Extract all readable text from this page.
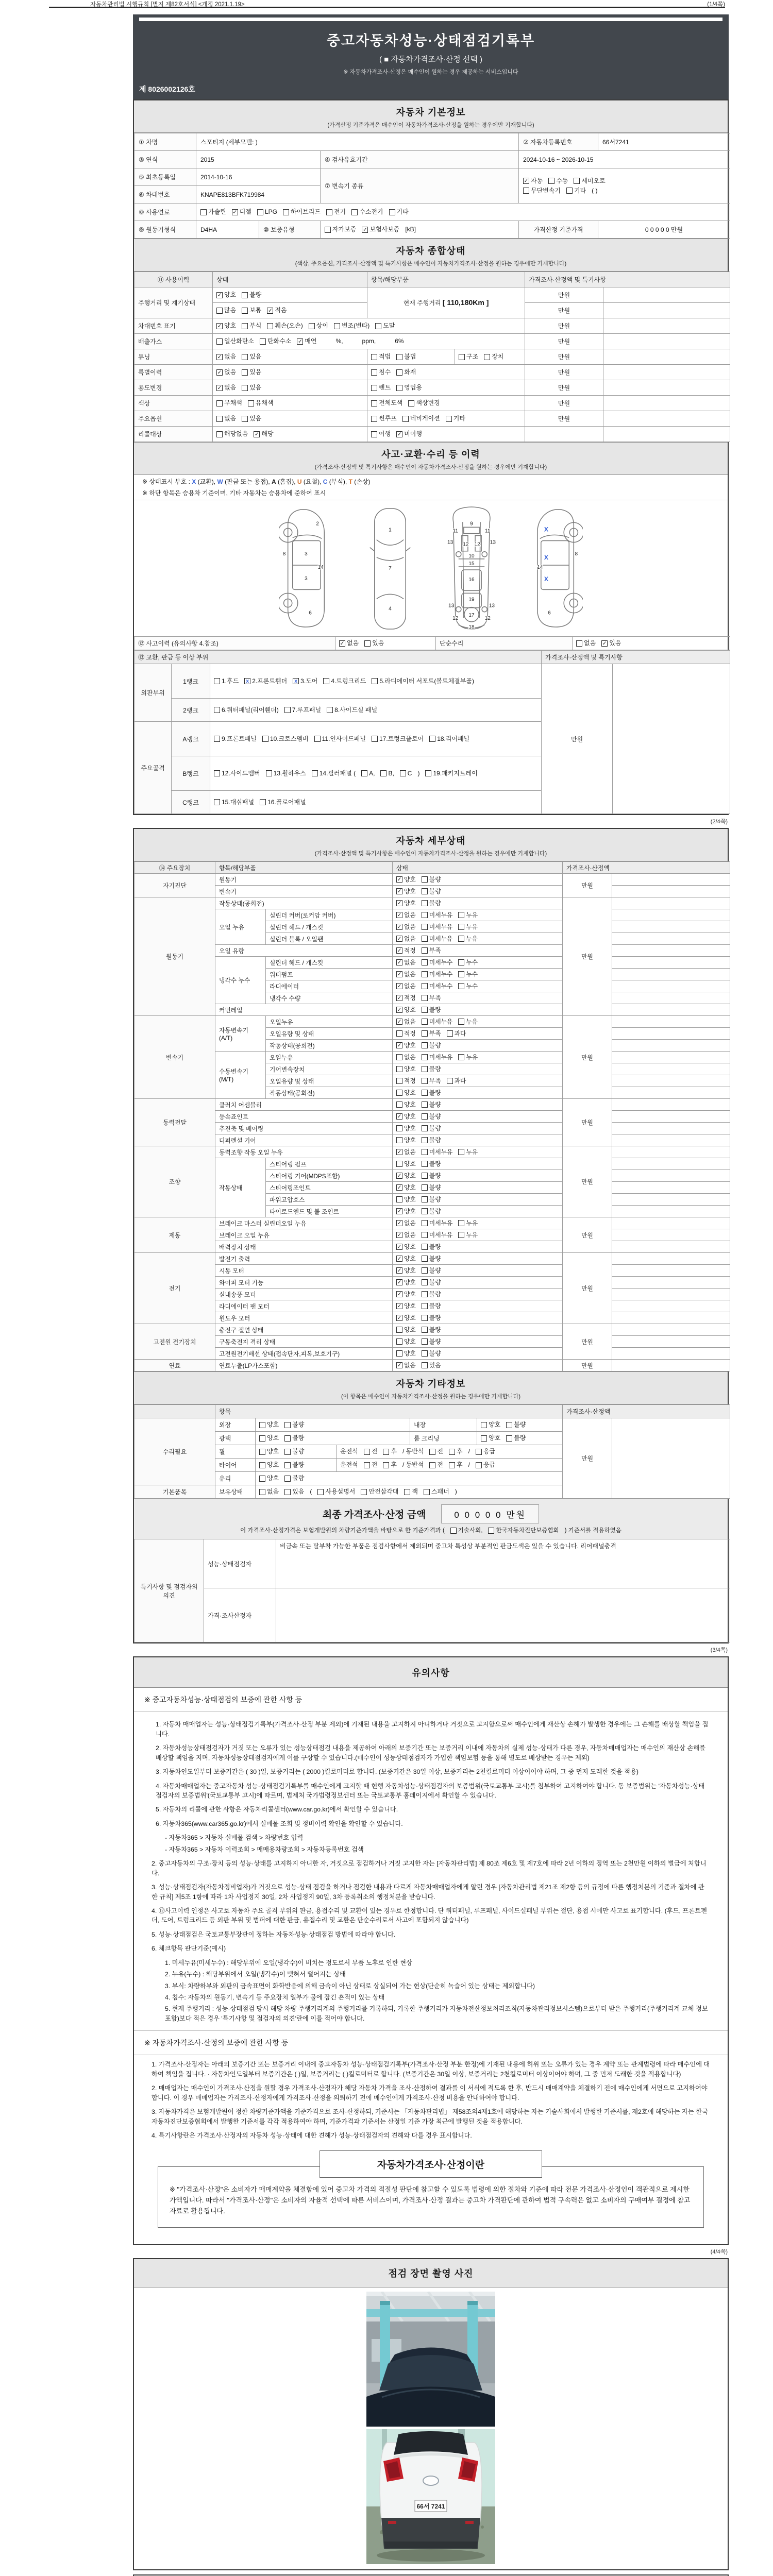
자동차관리법 시행규칙 [별지 제82호서식] <개정 2021.1.19>	(1/4쪽)
중고자동차성능·상태점검기록부
( ■ 자동차가격조사·산정 선택 )
※ 자동차가격조사·산정은 매수인이 원하는 경우 제공하는 서비스입니다
제 8026002126호
자동차 기본정보
(가격산정 기준가격은 매수인이 자동차가격조사·산정을 원하는 경우에만 기재합니다)
① 차명	스포티지 (세부모델: )			② 자동차등록번호	66서7241
③ 연식	2015		④ 검사유효기간	2024-10-16 ~ 2026-10-15	
⑤ 최초등록일	2014-10-16	⑦ 변속기 종류	
✓ 자동 수동 세미오토
무단변속기 기타 ( )

⑥ 차대번호	KNAPE813BFK719984				
⑧ 사용연료	가솔린 ✓ 디젤 LPG 하이브리드 전기 수소전기 기타

⑨ 원동기형식	D4HA	⑩ 보증유형	자가보증 ✓ 보험사보증 [kB]	가격산정 기준가격	0 0 0 0 0 만원
자동차 종합상태
(색상, 주요옵션, 가격조사·산정액 및 특기사항은 매수인이 자동차가격조사·산정을 원하는 경우에만 기재합니다)
⑪ 사용이력	상태	항목/해당부품		가격조사·산정액 및 특기사항	
주행거리 및 계기상태	✓ 양호 불량	현재 주행거리 [ 110,180Km ]		만원	

	많음 보통 ✓ 적음			만원	
차대번호 표기	✓ 양호 부식 훼손(오손) 상이 변조(변타) 도말	만원	
배출가스	일산화탄소 탄화수소 ✓ 매연	%,	ppm,	6%	만원	
튜닝	✓ 없음 있음	적법 불법	구조 장치	만원	
특별이력	✓ 없음 있음	침수 화재		만원	
용도변경	✓ 없음 있음	렌트 영업용		만원	
색상	무채색 유채색	전체도색 색상변경		만원	
주요옵션	없음 있음	썬루프 네비게이션 기타		만원	
리콜대상	해당없음 ✓ 해당	이행 ✓ 미이행			

사고·교환·수리 등 이력
(가격조사·산정액 및 특기사항은 매수인이 자동차가격조사·산정을 원하는 경우에만 기재합니다)
※ 상태표시 부호 : X (교환), W (판금 또는 용접), A (흠집), U (요철), C (부식), T (손상)
※ 하단 항목은 승용차 기준이며, 기타 자동차는 승용차에 준하여 표시
2
8	3
14
3
6
1
7
4
9
11	11
13	13
12 12
10
15
16
19
13	13
12	12
17
18
8
14
6
X
X
X
⑫ 사고이력 (유의사항 4.참조)	✓ 없음 있음	단순수리	없음 ✓ 있음
⑬ 교환, 판금 등 이상 부위			가격조사·산정액 및 특기사항	
외판부위	1랭크	1.후드 x 2.프론트휀더 x 3.도어 4.트렁크리드 5.라디에이터 서포트(볼트체결부품)
	만원	
	2랭크	6.쿼터패널(리어휀더) 7.루프패널 8.사이드실 패널		

주요골격	A랭크	9.프론트패널 10.크로스멤버 11.인사이드패널 17.트렁크플로어 18.리어패널		

B랭크	12.사이드멤버 13.휠하우스 14.필러패널 ( A, B, C ) 19.패키지트레이

	C랭크	15.대쉬패널 16.플로어패널		
(2/4쪽)
자동차 세부상태
(가격조사·산정액 및 특기사항은 매수인이 자동차가격조사·산정을 원하는 경우에만 기재합니다)
⑭ 주요장치	항목/해당부품		상태	가격조사·산정액	
자기진단	원동기		✓ 양호 불량	만원	
	변속기		✓ 양호 불량		

원동기	작동상태(공회전)		✓ 양호 불량	만원	
	오일 누유	실린더 커버(로커암 커버)	✓ 없음 미세누유 누유		

		실린더 헤드 / 개스킷	✓ 없음 미세누유 누유		

		실린더 블록 / 오일팬	✓ 없음 미세누유 누유		

	오일 유량		✓ 적정 부족		

	냉각수 누수	실린더 헤드 / 개스킷	✓ 없음 미세누수 누수		

		워터펌프	✓ 없음 미세누수 누수		

		라디에이터	✓ 없음 미세누수 누수		

		냉각수 수량	✓ 적정 부족		

	커먼레일		✓ 양호 불량		

변속기	자동변속기 (A/T)	오일누유	✓ 없음 미세누유 누유	만원	
		오일유량 및 상태	적정 부족 과다		

		작동상태(공회전)	✓ 양호 불량		

	수동변속기 (M/T)	오일누유	없음 미세누유 누유		

		기어변속장치	양호 불량		

		오일유량 및 상태	적정 부족 과다		

		작동상태(공회전)	양호 불량		

동력전달	클러치 어셈블리		양호 불량	만원	
	등속죠인트		✓ 양호 불량		

	추진축 및 베어링		양호 불량		

	디퍼렌셜 기어		양호 불량		

조향	동력조향 작동 오일 누유		✓ 없음 미세누유 누유	만원	
	작동상태	스티어링 펌프	양호 불량		

		스티어링 기어(MDPS포함)	✓ 양호 불량		

		스티어링조인트	✓ 양호 불량		

		파워고압호스	양호 불량		

		타이로드엔드 및 볼 조인트	✓ 양호 불량		

제동	브레이크 마스터 실린더오일 누유		✓ 없음 미세누유 누유	만원	
	브레이크 오일 누유		✓ 없음 미세누유 누유		

	배력장치 상태		✓ 양호 불량		

전기	발전기 출력		✓ 양호 불량	만원	
	시동 모터		✓ 양호 불량		

	와이퍼 모터 기능		✓ 양호 불량		

	실내송풍 모터		✓ 양호 불량		

	라디에이터 팬 모터		✓ 양호 불량		

	윈도우 모터		✓ 양호 불량		

고전원 전기장치	충전구 절연 상태		양호 불량	만원	
	구동축전지 격리 상태		양호 불량		

	고전원전기배선 상태(접속단자,피복,보호기구)		양호 불량		

연료	연료누출(LP가스포함)		✓ 없음 있음	만원	
자동차 기타정보
(이 항목은 매수인이 자동차가격조사·산정을 원하는 경우에만 기재합니다)
	항목					가격조사·산정액	
수리필요	외장	양호 불량		내장	양호 불량	만원	
	광택	양호 불량		룸 크리닝	양호 불량		

휠	양호 불량	운전석 전 후 / 동반석 전 후 / 응급

타이어	양호 불량	운전석 전 후 / 동반석 전 후 / 응급

	유리	양호 불량					

기본품목	보유상태	없음 있음 ( 사용설명서 안전삼각대 잭 스패너 )
최종 가격조사·산정 금액	0 0 0 0 0 만원
이 가격조사·산정가격은 보험개발원의 차량기준가액을 바탕으로 한 기준가격과 ( 기술사회, 한국자동차진단보증협회 ) 기준서를 적용하였음
특기사항 및 점검자의 의견	성능·상태점검자	비금속 또는 탈부착 가능한 부품은 점검사항에서 제외되며 중고차 특성상 부분적인 판금도색은 있을 수 있습니다. 리어패널충격
	가격·조사산정자	
(3/4쪽)
유의사항
※ 중고자동차성능·상태점검의 보증에 관한 사항 등

1. 자동차 매매업자는 성능·상태점검기록부(가격조사·산정 부분 제외)에 기재된 내용을 고지하지 아니하거나 거짓으로 고지함으로써 매수인에게 재산상 손해가 발생한 경우에는 그 손해를 배상할 책임을 집니다.

2. 자동차성능상태점검자가 거짓 또는 오류가 있는 성능상태점검 내용을 제공하여 아래의 보증기간 또는 보증거리 이내에 자동차의 실제 성능·상태가 다른 경우, 자동차매매업자는 매수인의 재산상 손해를 배상할 책임을 지며, 자동차성능상태점검자에게 이를 구상할 수 있습니다.(매수인이 성능상태점검자가 가입한 책임보험 등을 통해 별도로 배상받는 경우는 제외)

3. 자동차인도일부터 보증기간은 ( 30 )일, 보증거리는 ( 2000 )킬로미터로 합니다. (보증기간은 30일 이상, 보증거리는 2천킬로미터 이상이어야 하며, 그 중 먼저 도래한 것을 적용)

4. 자동차매매업자는 중고자동차 성능·상태점검기록부를 매수인에게 고지할 때 현행 자동차성능·상태점검자의 보증범위(국토교통부 고시)를 첨부하여 고지하여야 합니다. 동 보증범위는 '자동차성능·상태점검자의 보증범위'(국토교통부 고시)에 따르며, 법제처 국가법령정보센터 또는 국토교통부 홈페이지에서 확인할 수 있습니다.

5. 자동차의 리콜에 관한 사항은 자동차리콜센터(www.car.go.kr)에서 확인할 수 있습니다.

6. 자동차365(www.car365.go.kr)에서 실매물 조회 및 정비이력 확인을 확인할 수 있습니다.

- 자동차365 > 자동차 실매물 검색 > 차량번호 입력

- 자동차365 > 자동차 이력조회 > 매매용차량조회 > 자동차등록번호 검색

2. 중고자동차의 구조·장치 등의 성능·상태를 고지하지 아니한 자, 거짓으로 점검하거나 거짓 고지한 자는 [자동차관리법] 제 80조 제6호 및 제7호에 따라 2년 이하의 징역 또는 2천만원 이하의 벌금에 처합니다.

3. 성능·상태점검자(자동차정비업자)가 거짓으로 성능·상태 점검을 하거나 점검한 내용과 다르게 자동차매매업자에게 알린 경우 [자동차관리법 제21조 제2항 등의 규정에 따른 행정처분의 기준과 절차에 관한 규칙] 제5조 1항에 따라 1차 사업정지 30일, 2차 사업정지 90일, 3차 등록취소의 행정처분을 받습니다.

4. ⑫사고이력 인정은 사고로 자동차 주요 골격 부위의 판금, 용접수리 및 교환이 있는 경우로 한정합니다. 단 쿼터패널, 루프패널, 사이드실패널 부위는 절단, 용접 시에만 사고로 표기합니다. (후드, 프론트펜더, 도어, 트렁크리드 등 외판 부위 및 범퍼에 대한 판금, 용접수리 및 교환은 단순수리로서 사고에 포함되지 않습니다)

5. 성능·상태점검은 국토교통부장관이 정하는 자동차성능·상태점검 방법에 따라야 합니다.

6. 체크항목 판단기준(예시)

1. 미세누유(미세누수) : 해당부위에 오일(냉각수)이 비치는 정도로서 부품 노후로 인한 현상

2. 누유(누수) : 해당부위에서 오일(냉각수)이 맺혀서 떨어지는 상태

3. 부식: 차량하부와 외판의 금속표면이 화학반응에 의해 금속이 아닌 상태로 상실되어 가는 현상(단순히 녹슬어 있는 상태는 제외합니다)

4. 침수: 자동차의 원동기, 변속기 등 주요장치 일부가 물에 잠긴 흔적이 있는 상태

5. 현재 주행거리 : 성능·상태점검 당시 해당 차량 주행거리계의 주행거리를 기록하되, 기록한 주행거리가 자동차전산정보처리조직(자동차관리정보시스템)으로부터 받은 주행거리(주행거리계 교체 정보 포함)보다 적은 경우 '특기사항 및 점검자의 의견'란에 이를 적어야 합니다.

※ 자동차가격조사·산정의 보증에 관한 사항 등

1. 가격조사·산정자는 아래의 보증기간 또는 보증거리 이내에 중고자동차 성능·상태점검기록부(가격조사·산정 부분 한정)에 기재된 내용에 허위 또는 오류가 있는 경우 계약 또는 관계법령에 따라 매수인에 대하여 책임을 집니다. · 자동차인도일부터 보증기간은 ( )일, 보증거리는 ( )킬로미터로 합니다. (보증기간은 30일 이상, 보증거리는 2천킬로미터 이상이어야 하며, 그 중 먼저 도래한 것을 적용합니다)

2. 매매업자는 매수인이 가격조사·산정을 원할 경우 가격조사·산정자가 해당 자동차 가격을 조사·산정하여 결과를 이 서식에 적도록 한 후, 반드시 매매계약을 체결하기 전에 매수인에게 서면으로 고지하여야 합니다. 이 경우 매매업자는 가격조사·산정자에게 가격조사·산정을 의뢰하기 전에 매수인에게 가격조사·산정 비용을 안내하여야 합니다.

3. 자동차가격은 보험개발원이 정한 차량기준가액을 기준가격으로 조사·산정하되, 기준서는 「자동차관리법」 제58조의4제1호에 해당하는 자는 기술사회에서 발행한 기준서를, 제2호에 해당하는 자는 한국자동차진단보증협회에서 발행한 기준서를 각각 적용하여야 하며, 기준가격과 기준서는 산정일 기준 가장 최근에 발행된 것을 적용합니다.

4. 특기사항란은 가격조사·산정자의 자동차 성능·상태에 대한 견해가 성능·상태점검자의 견해와 다를 경우 표시합니다.

자동차가격조사·산정이란
※ "가격조사·산정"은 소비자가 매매계약을 체결함에 있어 중고차 가격의 적절성 판단에 참고할 수 있도록 법령에 의한 절차와 기준에 따라 전문 가격조사·산정인이 객관적으로 제시한 가액입니다. 따라서 "가격조사·산정"은 소비자의 자율적 선택에 따른 서비스이며, 가격조사·산정 결과는 중고차 가격판단에 관하여 법적 구속력은 없고 소비자의 구매여부 결정에 참고자료로 활용됩니다.
(4/4쪽)
점검 장면 촬영 사진
66서 7241
